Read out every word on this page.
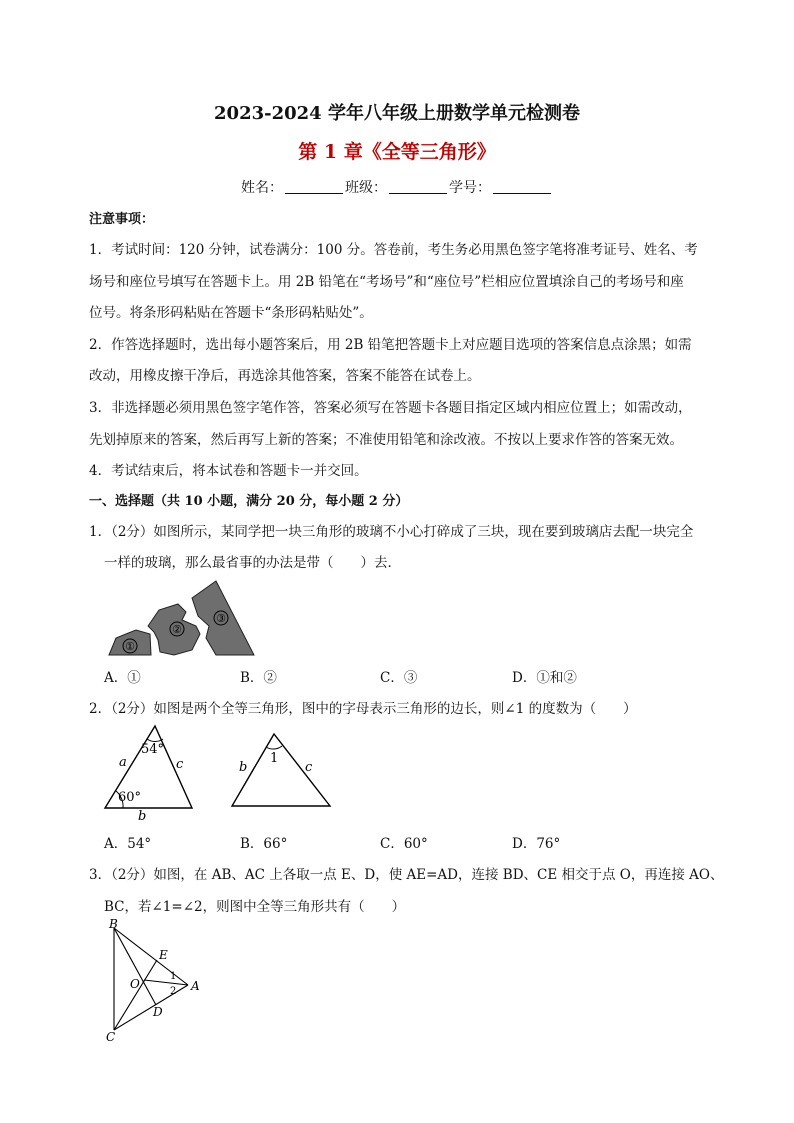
2023-2024 学年八年级上册数学单元检测卷
第 1 章《全等三角形》
姓名：	班级：	学号：
注意事项：
1．考试时间：120 分钟，试卷满分：100 分。答卷前，考生务必用黑色签字笔将准考证号、姓名、考
场号和座位号填写在答题卡上。用 2B 铅笔在“考场号”和“座位号”栏相应位置填涂自己的考场号和座
位号。将条形码粘贴在答题卡“条形码粘贴处”。
2．作答选择题时，选出每小题答案后，用 2B 铅笔把答题卡上对应题目选项的答案信息点涂黑；如需
改动，用橡皮擦干净后，再选涂其他答案，答案不能答在试卷上。
3．非选择题必须用黑色签字笔作答，答案必须写在答题卡各题目指定区域内相应位置上；如需改动，
先划掉原来的答案，然后再写上新的答案；不准使用铅笔和涂改液。不按以上要求作答的答案无效。
4．考试结束后，将本试卷和答题卡一并交回。
一、选择题（共 10 小题，满分 20 分，每小题 2 分）
1．（2分）如图所示，某同学把一块三角形的玻璃不小心打碎成了三块，现在要到玻璃店去配一块完全
一样的玻璃，那么最省事的办法是带（　　）去．
①
②
③
A．①	B．②	C．③	D．①和②
2．（2分）如图是两个全等三角形，图中的字母表示三角形的边长，则∠1 的度数为（　　）
54°
60°
a	c
b
1
b	c
A．54°	B．66°	C．60°	D．76°
3．（2分）如图，在 AB、AC 上各取一点 E、D，使 AE=AD，连接 BD、CE 相交于点 O，再连接 AO、
BC，若∠1=∠2，则图中全等三角形共有（　　）
B
C
E
D
O	A
1
2
